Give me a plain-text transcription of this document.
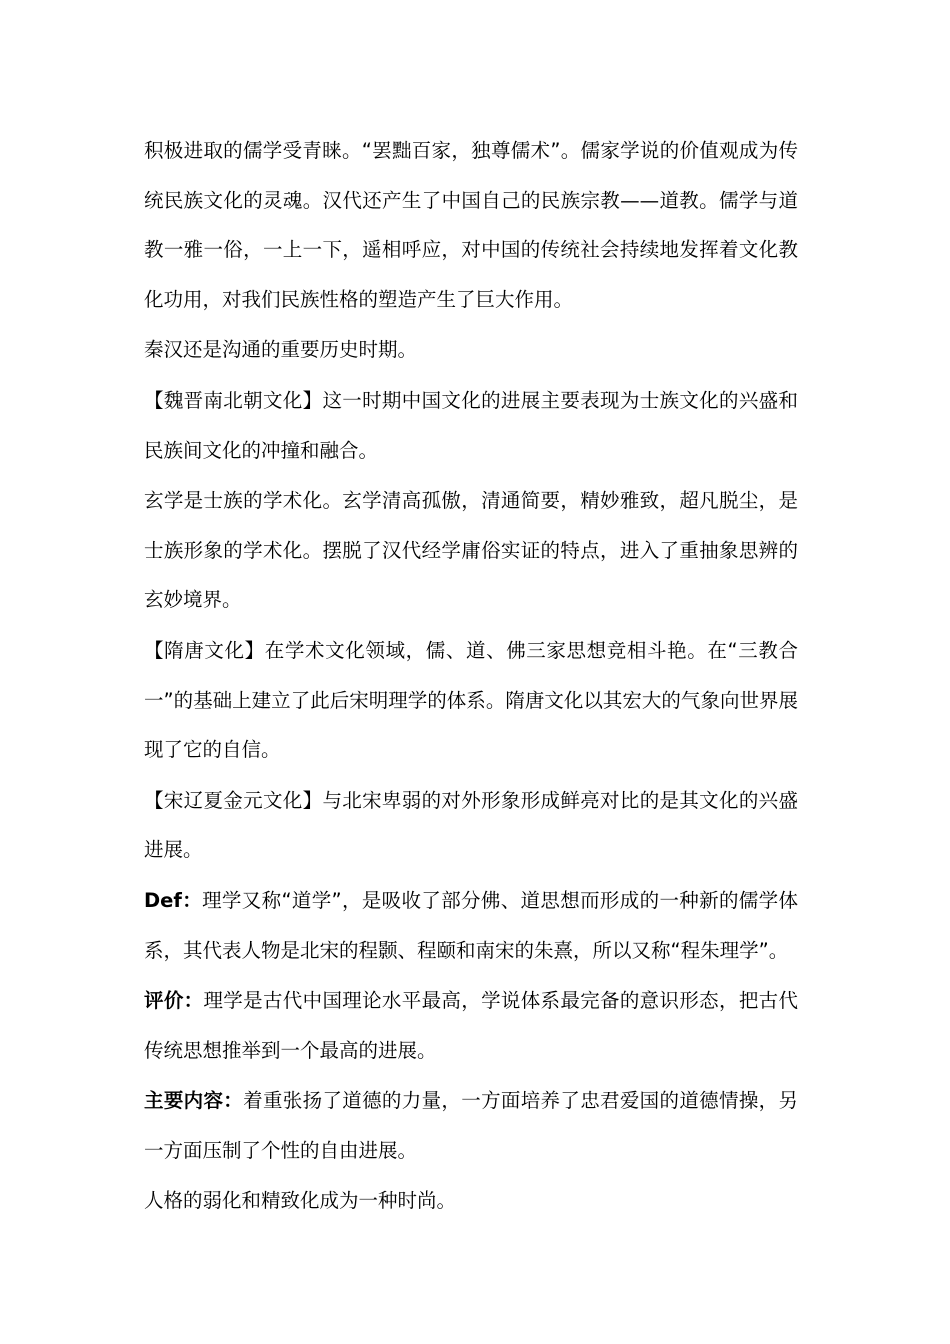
积极进取的儒学受青睐。“罢黜百家，独尊儒术”。儒家学说的价值观成为传统民族文化的灵魂。汉代还产生了中国自己的民族宗教——道教。儒学与道教一雅一俗，一上一下，遥相呼应，对中国的传统社会持续地发挥着文化教化功用，对我们民族性格的塑造产生了巨大作用。

秦汉还是沟通的重要历史时期。

【魏晋南北朝文化】这一时期中国文化的进展主要表现为士族文化的兴盛和民族间文化的冲撞和融合。

玄学是士族的学术化。玄学清高孤傲，清通简要，精妙雅致，超凡脱尘，是士族形象的学术化。摆脱了汉代经学庸俗实证的特点，进入了重抽象思辨的玄妙境界。

【隋唐文化】在学术文化领域，儒、道、佛三家思想竞相斗艳。在“三教合一”的基础上建立了此后宋明理学的体系。隋唐文化以其宏大的气象向世界展现了它的自信。

【宋辽夏金元文化】与北宋卑弱的对外形象形成鲜亮对比的是其文化的兴盛进展。

Def：理学又称“道学”，是吸收了部分佛、道思想而形成的一种新的儒学体系，其代表人物是北宋的程颢、程颐和南宋的朱熹，所以又称“程朱理学”。

评价：理学是古代中国理论水平最高，学说体系最完备的意识形态，把古代传统思想推举到一个最高的进展。

主要内容：着重张扬了道德的力量，一方面培养了忠君爱国的道德情操，另一方面压制了个性的自由进展。

人格的弱化和精致化成为一种时尚。
